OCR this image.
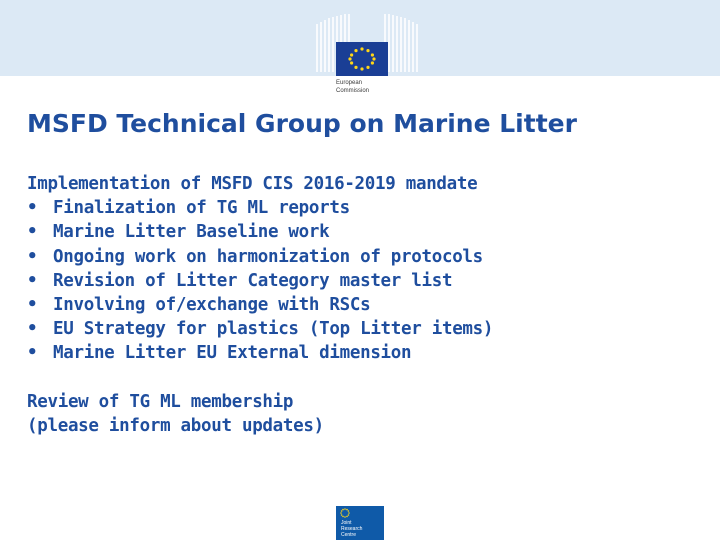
European
Commission
MSFD Technical Group on Marine Litter
Implementation of MSFD CIS 2016-2019 mandate
• Finalization of TG ML reports
• Marine Litter Baseline work
• Ongoing work on harmonization of protocols
• Revision of Litter Category master list
• Involving of/exchange with RSCs
• EU Strategy for plastics (Top Litter items)
• Marine Litter EU External dimension
Review of TG ML membership
(please inform about updates)
Joint
Research
Centre
